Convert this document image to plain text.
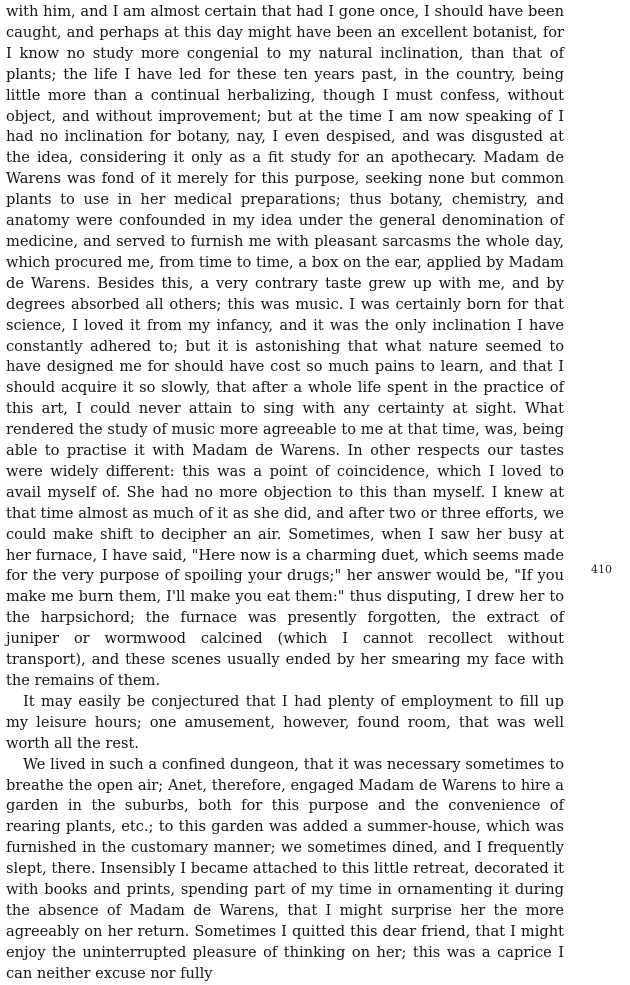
with him, and I am almost certain that had I gone once, I should have been caught, and perhaps at this day might have been an excellent botanist, for I know no study more congenial to my natural inclination, than that of plants; the life I have led for these ten years past, in the country, being little more than a continual herbalizing, though I must confess, without object, and without improvement; but at the time I am now speaking of I had no inclination for botany, nay, I even despised, and was disgusted at the idea, considering it only as a fit study for an apothecary. Madam de Warens was fond of it merely for this purpose, seeking none but common plants to use in her medical preparations; thus botany, chemistry, and anatomy were confounded in my idea under the general denomination of medicine, and served to furnish me with pleasant sarcasms the whole day, which procured me, from time to time, a box on the ear, applied by Madam de Warens. Besides this, a very contrary taste grew up with me, and by degrees absorbed all others; this was music. I was certainly born for that science, I loved it from my infancy, and it was the only inclination I have constantly adhered to; but it is astonishing that what nature seemed to have designed me for should have cost so much pains to learn, and that I should acquire it so slowly, that after a whole life spent in the practice of this art, I could never attain to sing with any certainty at sight. What rendered the study of music more agreeable to me at that time, was, being able to practise it with Madam de Warens. In other respects our tastes were widely different: this was a point of coincidence, which I loved to avail myself of. She had no more objection to this than myself. I knew at that time almost as much of it as she did, and after two or three efforts, we could make shift to decipher an air. Sometimes, when I saw her busy at her furnace, I have said, "Here now is a charming duet, which seems made for the very purpose of spoiling your drugs;" her answer would be, "If you make me burn them, I'll make you eat them:" thus disputing, I drew her to the harpsichord; the furnace was presently forgotten, the extract of juniper or wormwood calcined (which I cannot recollect without transport), and these scenes usually ended by her smearing my face with the remains of them.

It may easily be conjectured that I had plenty of employment to fill up my leisure hours; one amusement, however, found room, that was well worth all the rest.

We lived in such a confined dungeon, that it was necessary sometimes to breathe the open air; Anet, therefore, engaged Madam de Warens to hire a garden in the suburbs, both for this purpose and the convenience of rearing plants, etc.; to this garden was added a summer-house, which was furnished in the customary manner; we sometimes dined, and I frequently slept, there. Insensibly I became attached to this little retreat, decorated it with books and prints, spending part of my time in ornamenting it during the absence of Madam de Warens, that I might surprise her the more agreeably on her return. Sometimes I quitted this dear friend, that I might enjoy the uninterrupted pleasure of thinking on her; this was a caprice I can neither excuse nor fully

410
